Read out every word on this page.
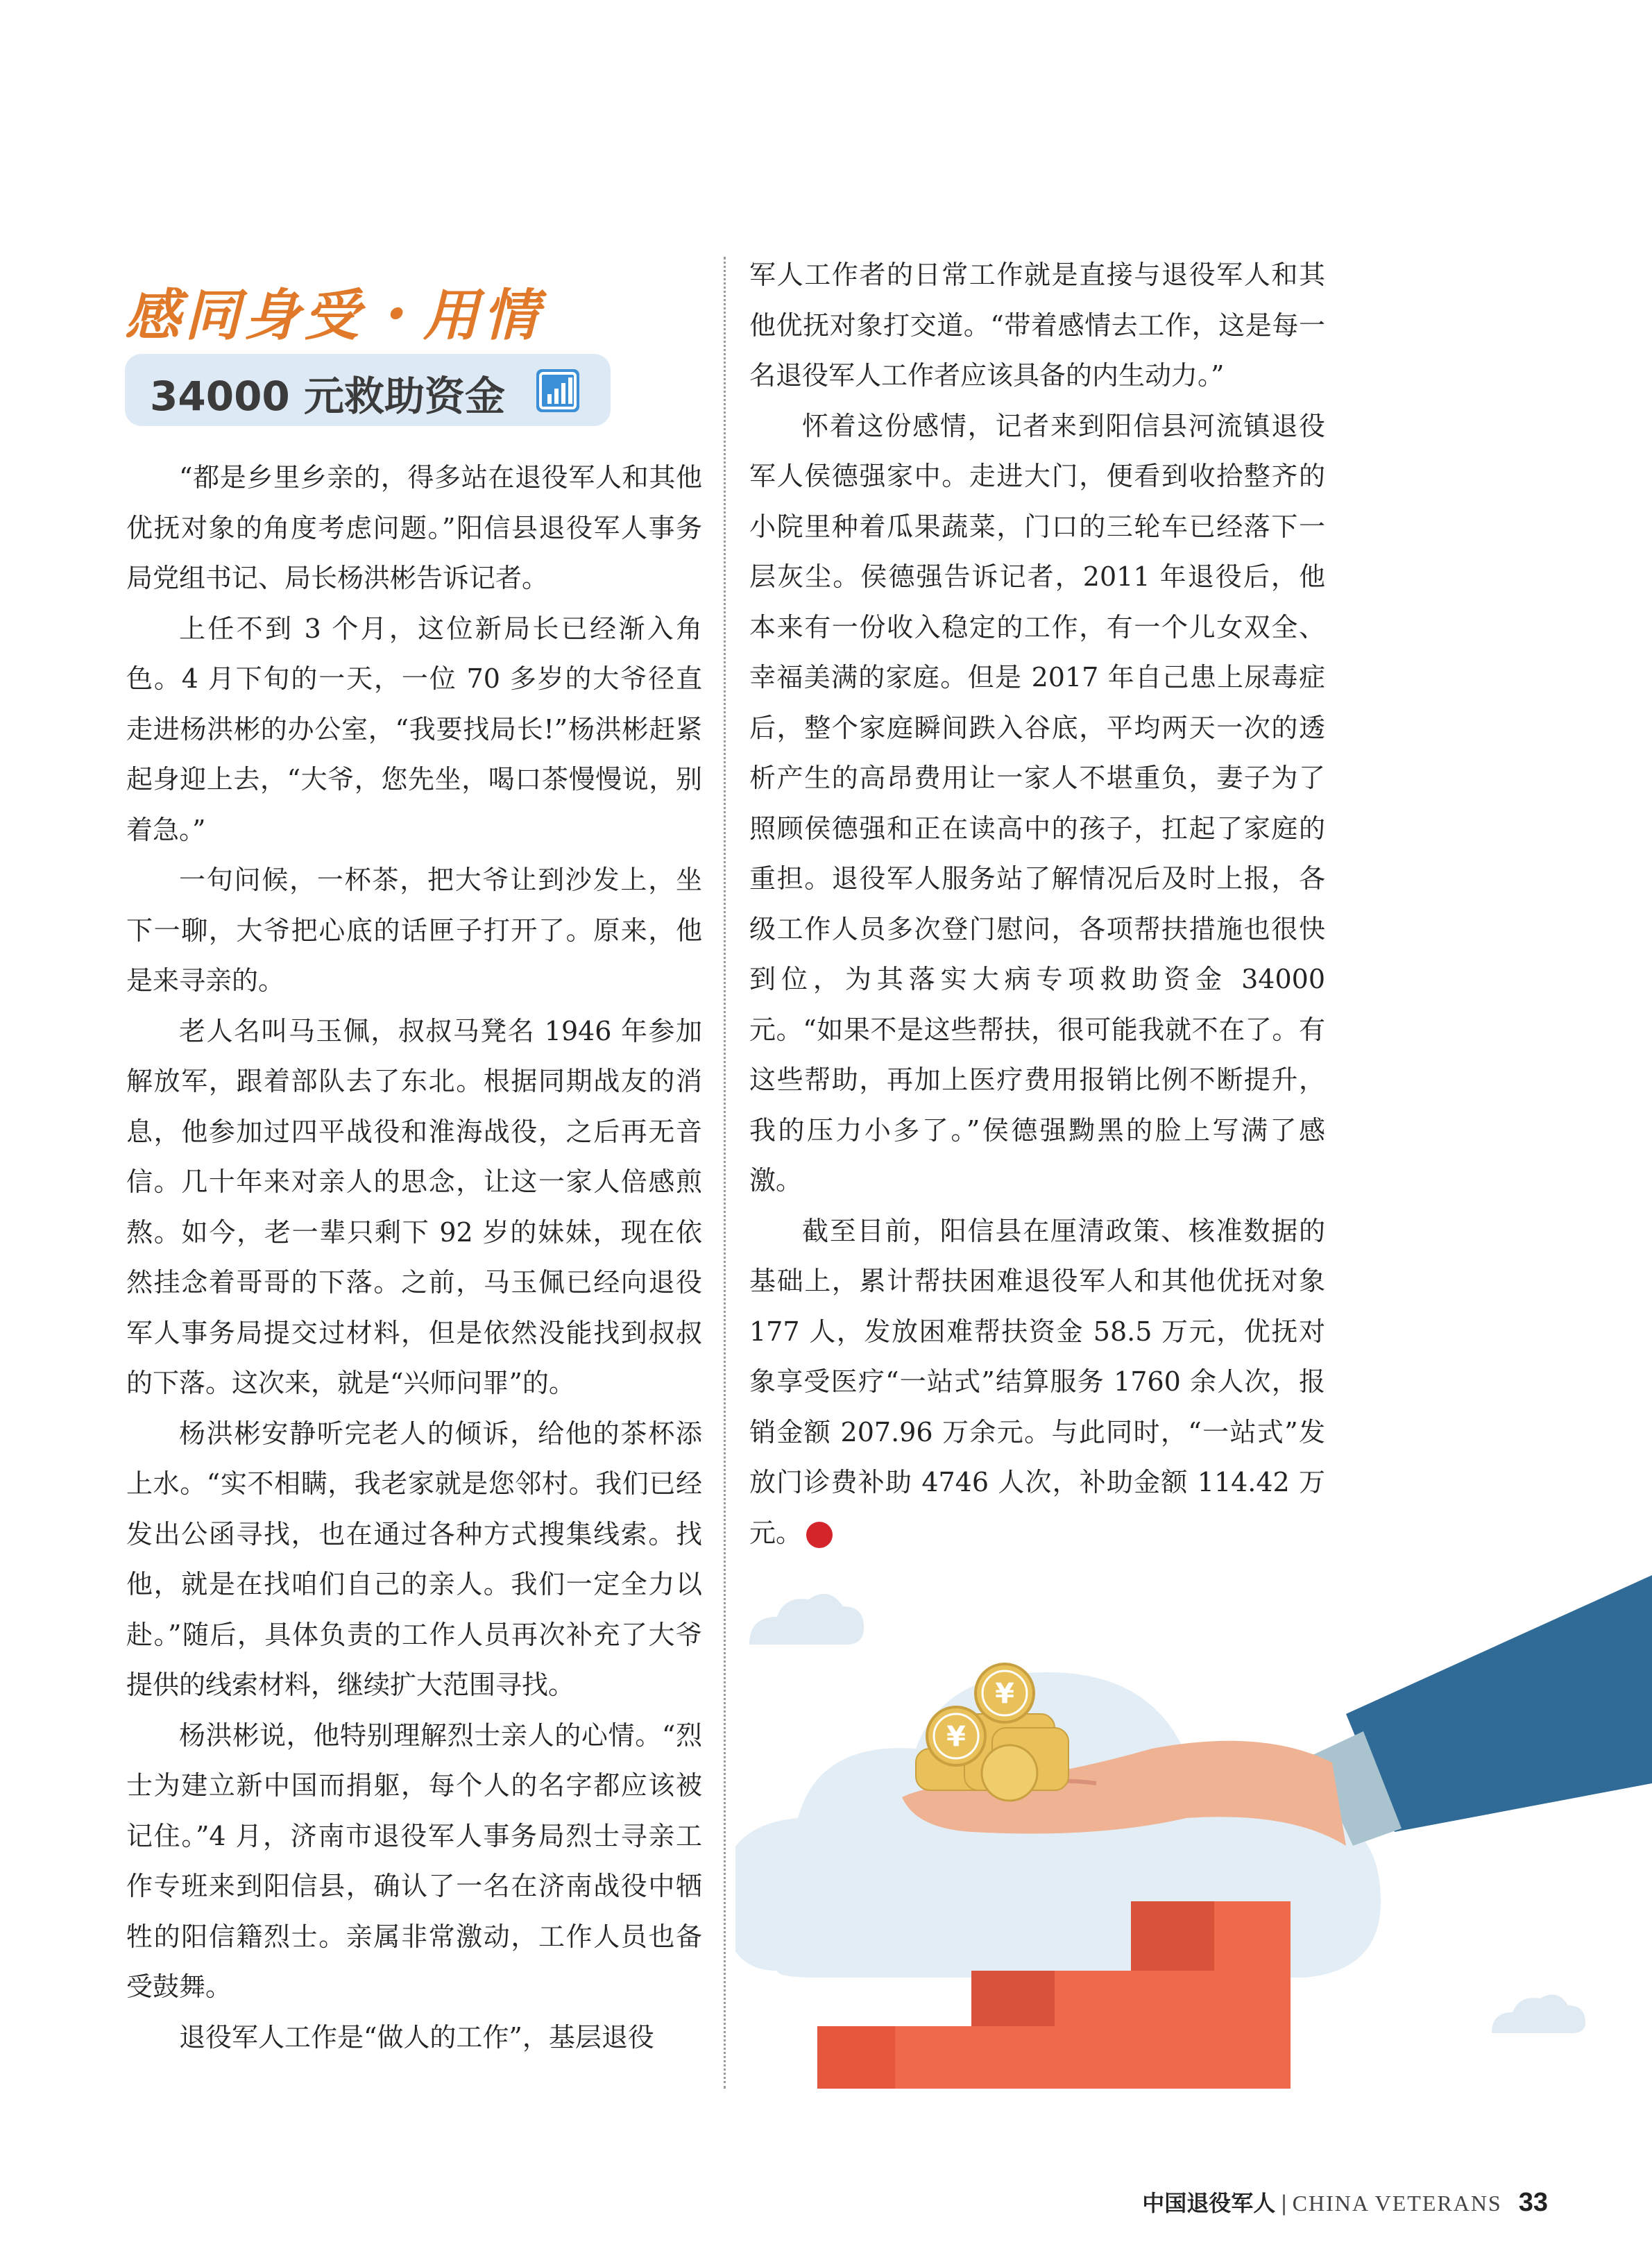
感同身受・用情
34000 元救助资金

“都是乡里乡亲的，得多站在退役军人和其他优抚对象的角度考虑问题。”阳信县退役军人事务局党组书记、局长杨洪彬告诉记者。

上任不到 3 个月，这位新局长已经渐入角色。4 月下旬的一天，一位 70 多岁的大爷径直走进杨洪彬的办公室，“我要找局长!”杨洪彬赶紧起身迎上去，“大爷，您先坐，喝口茶慢慢说，别着急。”

一句问候，一杯茶，把大爷让到沙发上，坐下一聊，大爷把心底的话匣子打开了。原来，他是来寻亲的。

老人名叫马玉佩，叔叔马凳名 1946 年参加解放军，跟着部队去了东北。根据同期战友的消息，他参加过四平战役和淮海战役，之后再无音信。几十年来对亲人的思念，让这一家人倍感煎熬。如今，老一辈只剩下 92 岁的妹妹，现在依然挂念着哥哥的下落。之前，马玉佩已经向退役军人事务局提交过材料，但是依然没能找到叔叔的下落。这次来，就是“兴师问罪”的。

杨洪彬安静听完老人的倾诉，给他的茶杯添上水。“实不相瞒，我老家就是您邻村。我们已经发出公函寻找，也在通过各种方式搜集线索。找他，就是在找咱们自己的亲人。我们一定全力以赴。”随后，具体负责的工作人员再次补充了大爷提供的线索材料，继续扩大范围寻找。

杨洪彬说，他特别理解烈士亲人的心情。“烈士为建立新中国而捐躯，每个人的名字都应该被记住。”4 月，济南市退役军人事务局烈士寻亲工作专班来到阳信县，确认了一名在济南战役中牺牲的阳信籍烈士。亲属非常激动，工作人员也备受鼓舞。

退役军人工作是“做人的工作”，基层退役

军人工作者的日常工作就是直接与退役军人和其他优抚对象打交道。“带着感情去工作，这是每一名退役军人工作者应该具备的内生动力。”

怀着这份感情，记者来到阳信县河流镇退役军人侯德强家中。走进大门，便看到收拾整齐的小院里种着瓜果蔬菜，门口的三轮车已经落下一层灰尘。侯德强告诉记者，2011 年退役后，他本来有一份收入稳定的工作，有一个儿女双全、幸福美满的家庭。但是 2017 年自己患上尿毒症后，整个家庭瞬间跌入谷底，平均两天一次的透析产生的高昂费用让一家人不堪重负，妻子为了照顾侯德强和正在读高中的孩子，扛起了家庭的重担。退役军人服务站了解情况后及时上报，各级工作人员多次登门慰问，各项帮扶措施也很快到位，为其落实大病专项救助资金 34000 元。“如果不是这些帮扶，很可能我就不在了。有这些帮助，再加上医疗费用报销比例不断提升，我的压力小多了。”侯德强黝黑的脸上写满了感激。

截至目前，阳信县在厘清政策、核准数据的基础上，累计帮扶困难退役军人和其他优抚对象 177 人，发放困难帮扶资金 58.5 万元，优抚对象享受医疗“一站式”结算服务 1760 余人次，报销金额 207.96 万余元。与此同时，“一站式”发放门诊费补助 4746 人次，补助金额 114.42 万元。	V

¥
¥
中国退役军人 | CHINA VETERANS 33
